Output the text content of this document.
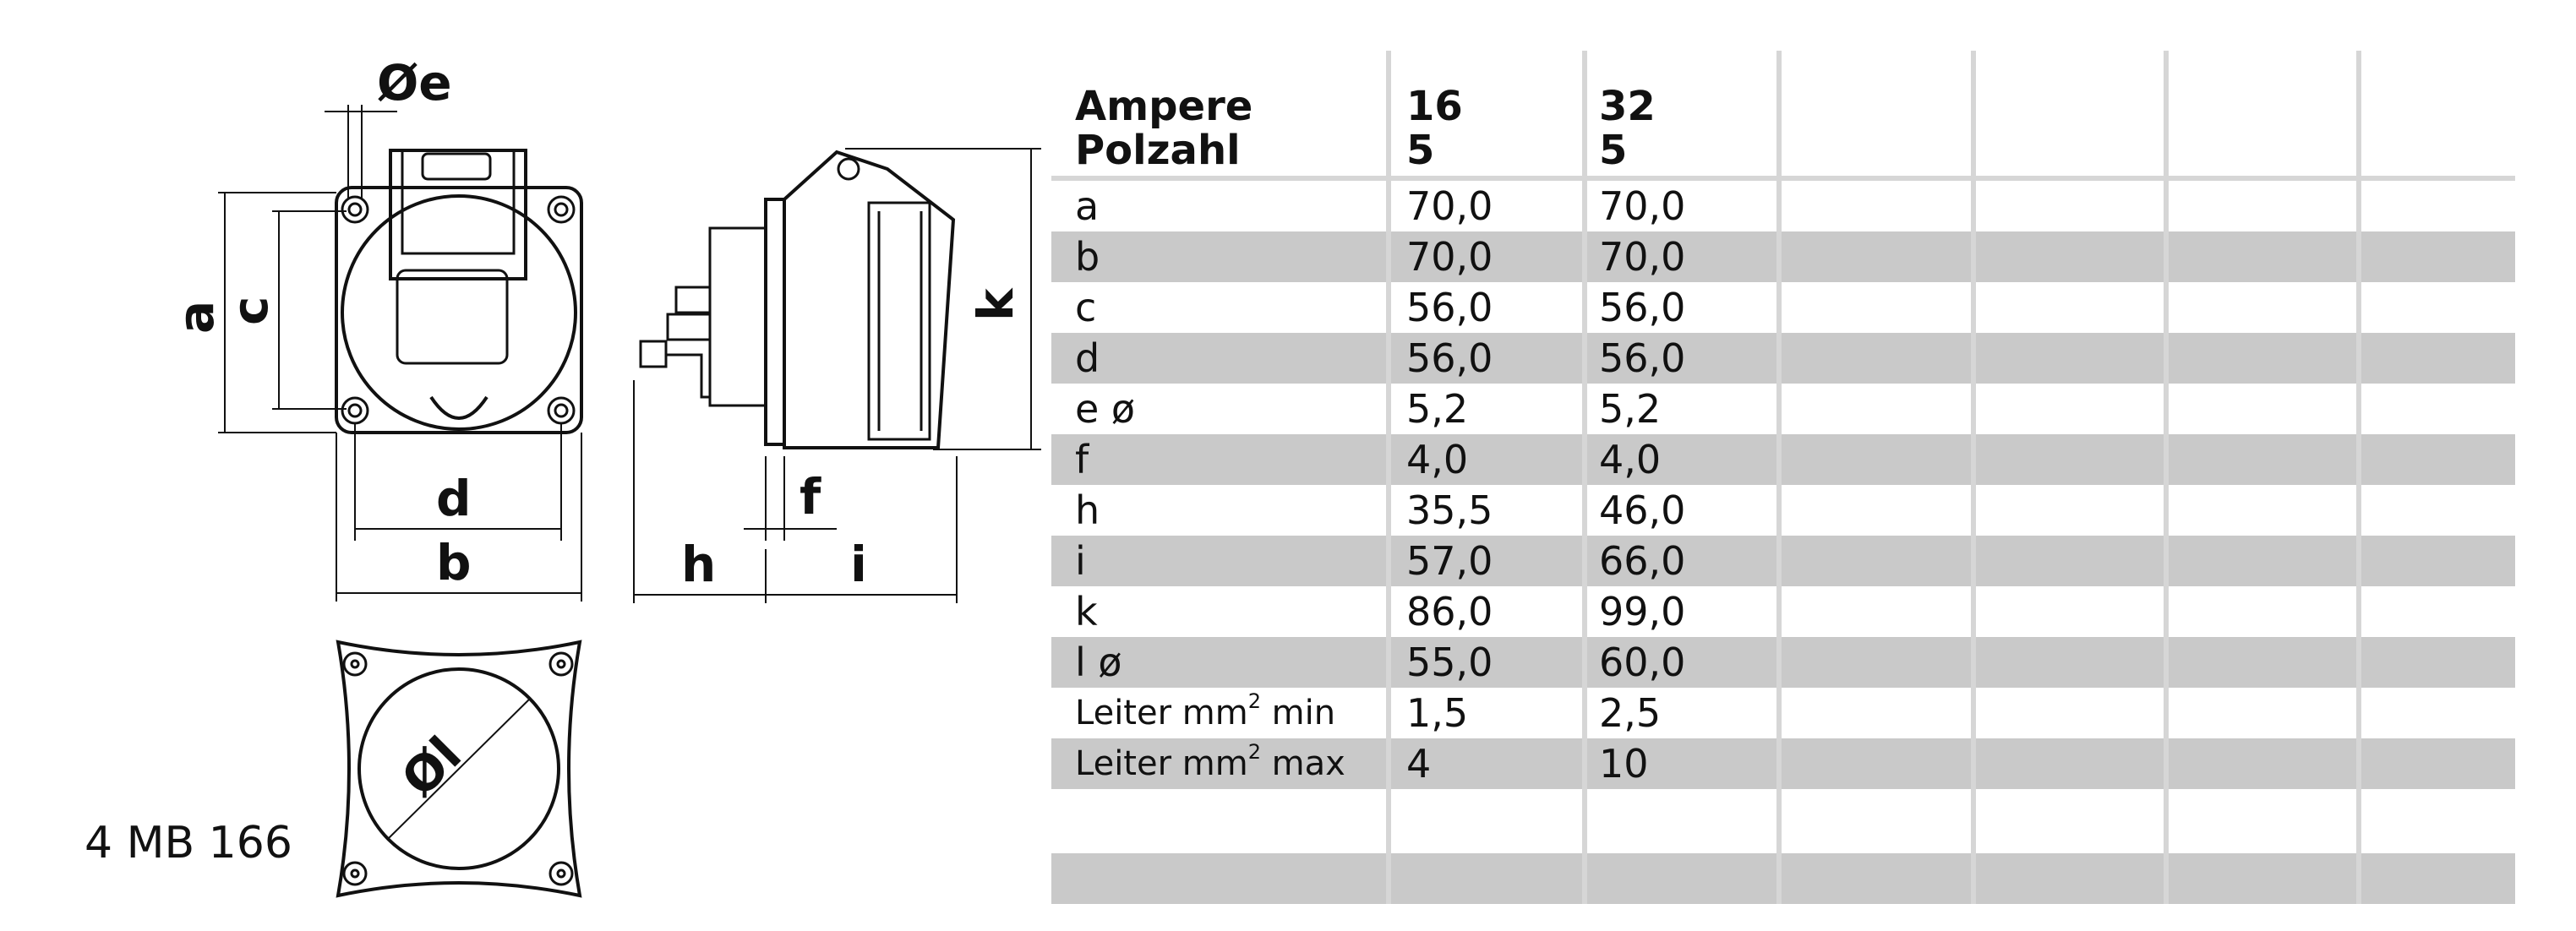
Øe
a
c
d
b
f
h	i
k
Øl
4 MB 166
Ampere	16	32
Polzahl	5	5
a	70,0	70,0
b	70,0	70,0
c	56,0	56,0
d	56,0	56,0
e ø	5,2	5,2
f	4,0	4,0
h	35,5	46,0
i	57,0	66,0
k	86,0	99,0
l ø	55,0	60,0
Leiter mm 2 min 1,5	2,5
Leiter mm 2 max 4	10
